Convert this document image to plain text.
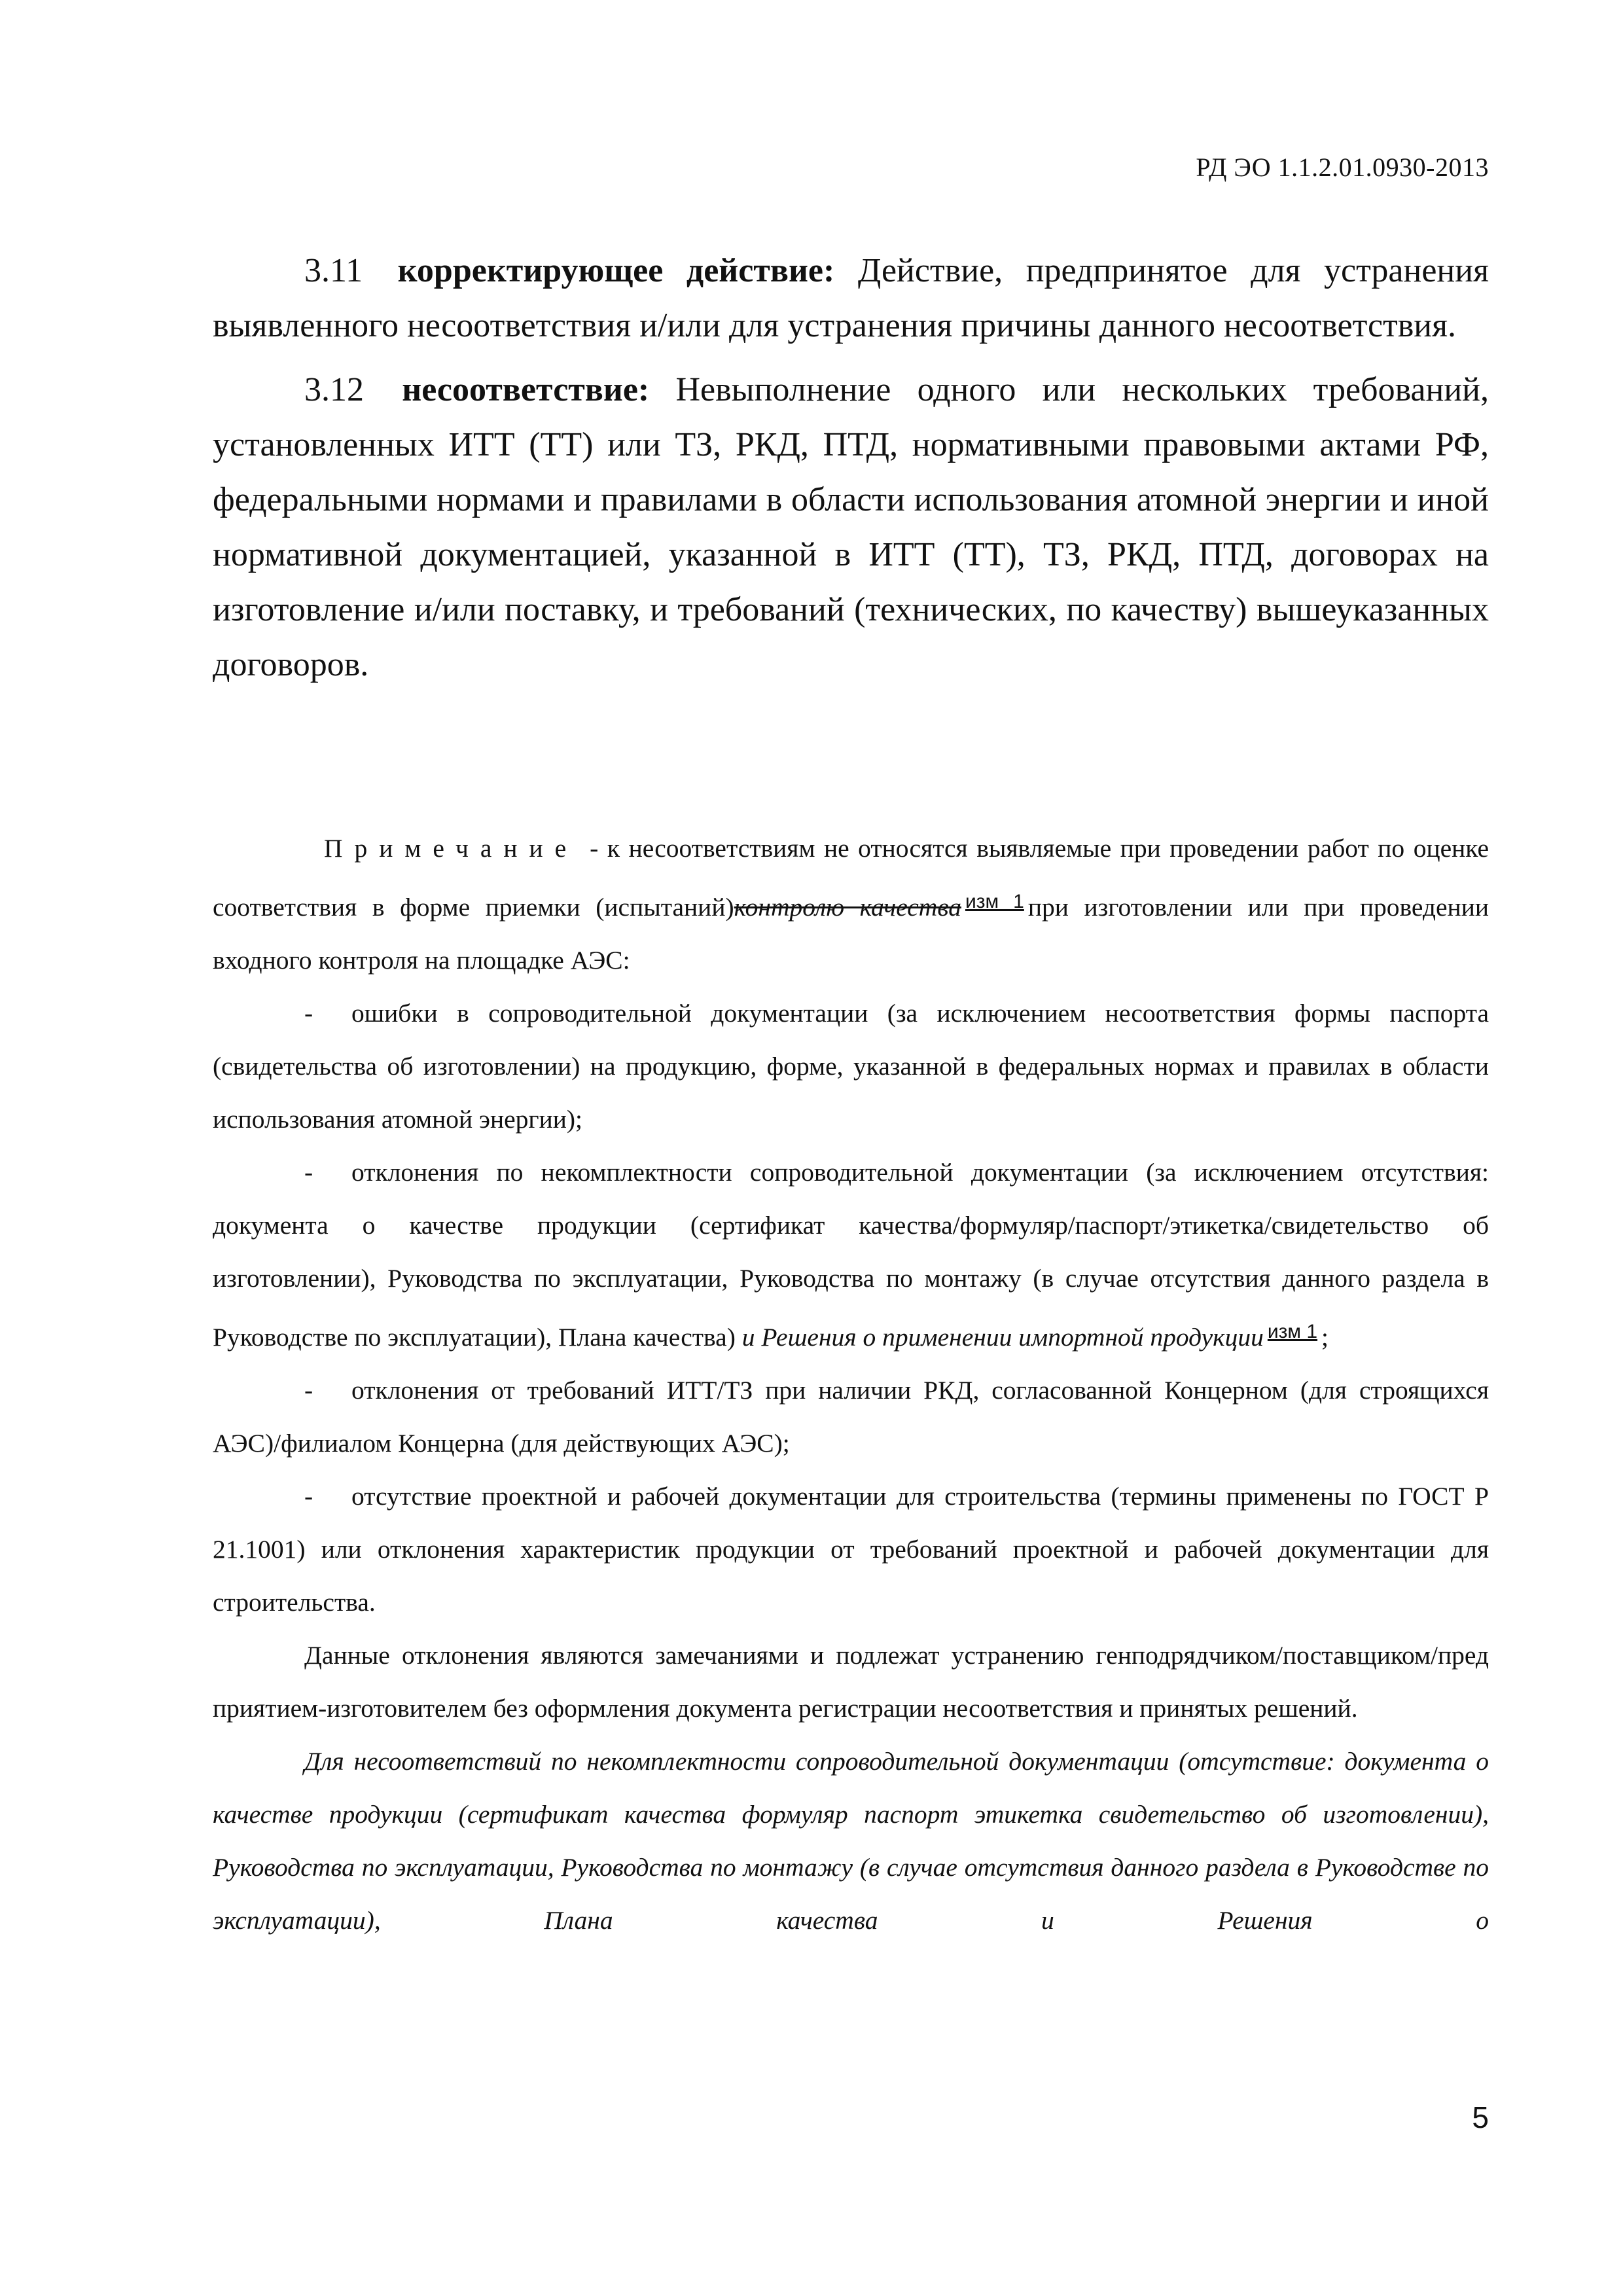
РД ЭО 1.1.2.01.0930-2013

3.11 корректирующее действие: Действие, предпринятое для устранения выявленного несоответствия и/или для устранения причины данного несоответствия.

3.12 несоответствие: Невыполнение одного или нескольких требований, установленных ИТТ (ТТ) или ТЗ, РКД, ПТД, нормативными правовыми актами РФ, федеральными нормами и правилами в области использования атомной энергии и иной нормативной документацией, указанной в ИТТ (ТТ), ТЗ, РКД, ПТД, договорах на изготовление и/или поставку, и требований (технических, по качеству) вышеуказанных договоров.

Примечание - к несоответствиям не относятся выявляемые при проведении работ по оценке соответствия в форме приемки (испытаний)контролю качества $^{изм 1}$ при изготовлении или при проведении входного контроля на площадке АЭС:

- ошибки в сопроводительной документации (за исключением несоответствия формы паспорта (свидетельства об изготовлении) на продукцию, форме, указанной в федеральных нормах и правилах в области использования атомной энергии);

- отклонения по некомплектности сопроводительной документации (за исключением отсутствия: документа о качестве продукции (сертификат качества/формуляр/паспорт/этикетка/свидетельство об изготовлении), Руководства по эксплуатации, Руководства по монтажу (в случае отсутствия данного раздела в Руководстве по эксплуатации), Плана качества) и Решения о применении импортной продукции $^{изм 1}$ ;

- отклонения от требований ИТТ/ТЗ при наличии РКД, согласованной Концерном (для строящихся АЭС)/филиалом Концерна (для действующих АЭС);

- отсутствие проектной и рабочей документации для строительства (термины применены по ГОСТ Р 21.1001) или отклонения характеристик продукции от требований проектной и рабочей документации для строительства.

Данные отклонения являются замечаниями и подлежат устранению генподрядчиком/поставщиком/пред приятием-изготовителем без оформления документа регистрации несоответствия и принятых решений.

Для несоответствий по некомплектности сопроводительной документации (отсутствие: документа о качестве продукции (сертификат качества формуляр паспорт этикетка свидетельство об изготовлении), Руководства по эксплуатации, Руководства по монтажу (в случае отсутствия данного раздела в Руководстве по эксплуатации), Плана качества и Решения о

5
